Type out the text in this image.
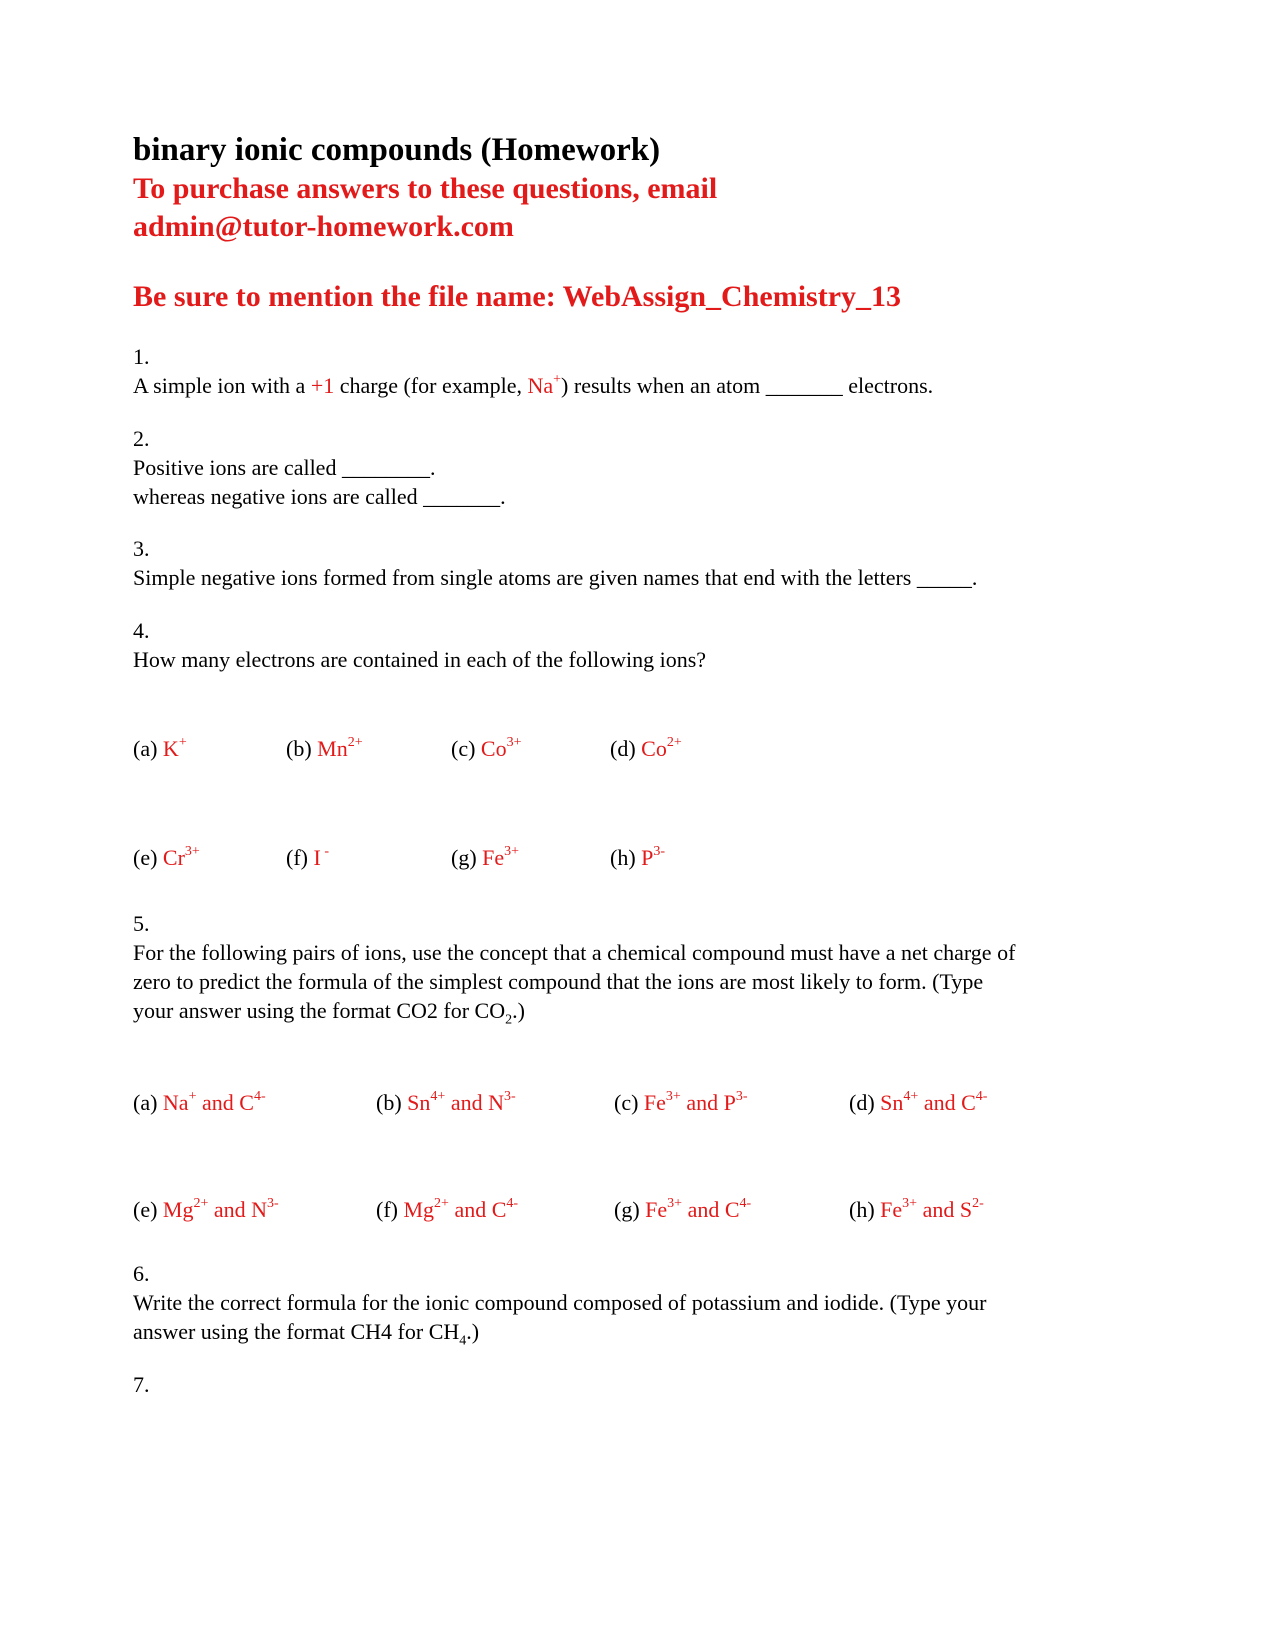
binary ionic compounds (Homework)

To purchase answers to these questions, email

admin@tutor-homework.com

Be sure to mention the file name: WebAssign_Chemistry_13

1.
A simple ion with a +1 charge (for example, Na+) results when an atom _______ electrons.
2.
Positive ions are called ________.
whereas negative ions are called _______.
3.
Simple negative ions formed from single atoms are given names that end with the letters _____.
4.
How many electrons are contained in each of the following ions?
(a) K+	(b) $Mn^{2+}$	(c) $Co^{3+}$	(d) $Co^{2+}$
(e) $Cr^{3+}$	(f) I -	(g) $Fe^{3+}$	(h) $P^{3-}$
5.
For the following pairs of ions, use the concept that a chemical compound must have a net charge of
zero to predict the formula of the simplest compound that the ions are most likely to form. (Type
your answer using the format CO2 for $CO_2$.)
(a) Na+ and $C^{4-}$	(b) $Sn^{4+}$ and $N^{3-}$	(c) $Fe^{3+}$ and $P^{3-}$	(d) $Sn^{4+}$ and $C^{4-}$
(e) $Mg^{2+}$ and $N^{3-}$	(f) $Mg^{2+}$ and $C^{4-}$	(g) $Fe^{3+}$ and $C^{4-}$	(h) $Fe^{3+}$ and $S^{2-}$
6.
Write the correct formula for the ionic compound composed of potassium and iodide. (Type your
answer using the format CH4 for $CH_4$.)
7.
